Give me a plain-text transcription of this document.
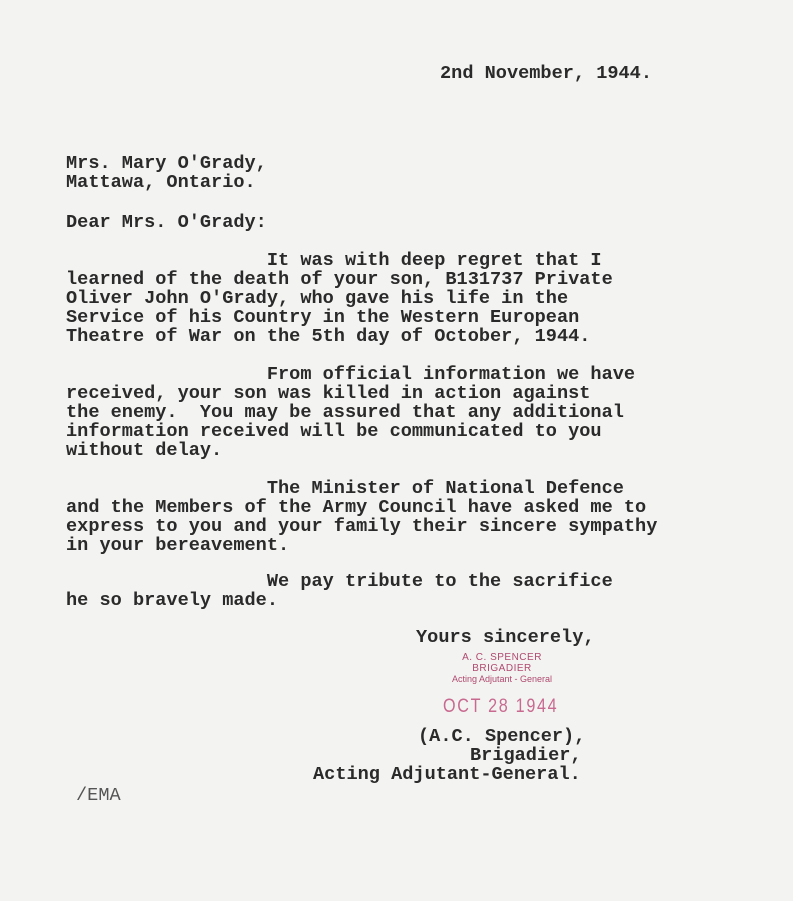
2nd November, 1944.
Mrs. Mary O'Grady,
Mattawa, Ontario.
Dear Mrs. O'Grady:
It was with deep regret that I
learned of the death of your son, B131737 Private
Oliver John O'Grady, who gave his life in the
Service of his Country in the Western European
Theatre of War on the 5th day of October, 1944.
From official information we have
received, your son was killed in action against
the enemy.  You may be assured that any additional
information received will be communicated to you
without delay.
The Minister of National Defence
and the Members of the Army Council have asked me to
express to you and your family their sincere sympathy
in your bereavement.
We pay tribute to the sacrifice
he so bravely made.
Yours sincerely,
A. C. SPENCER
BRIGADIER
Acting Adjutant - General
OCT 28 1944
(A.C. Spencer),
Brigadier,
Acting Adjutant-General.
/EMA
